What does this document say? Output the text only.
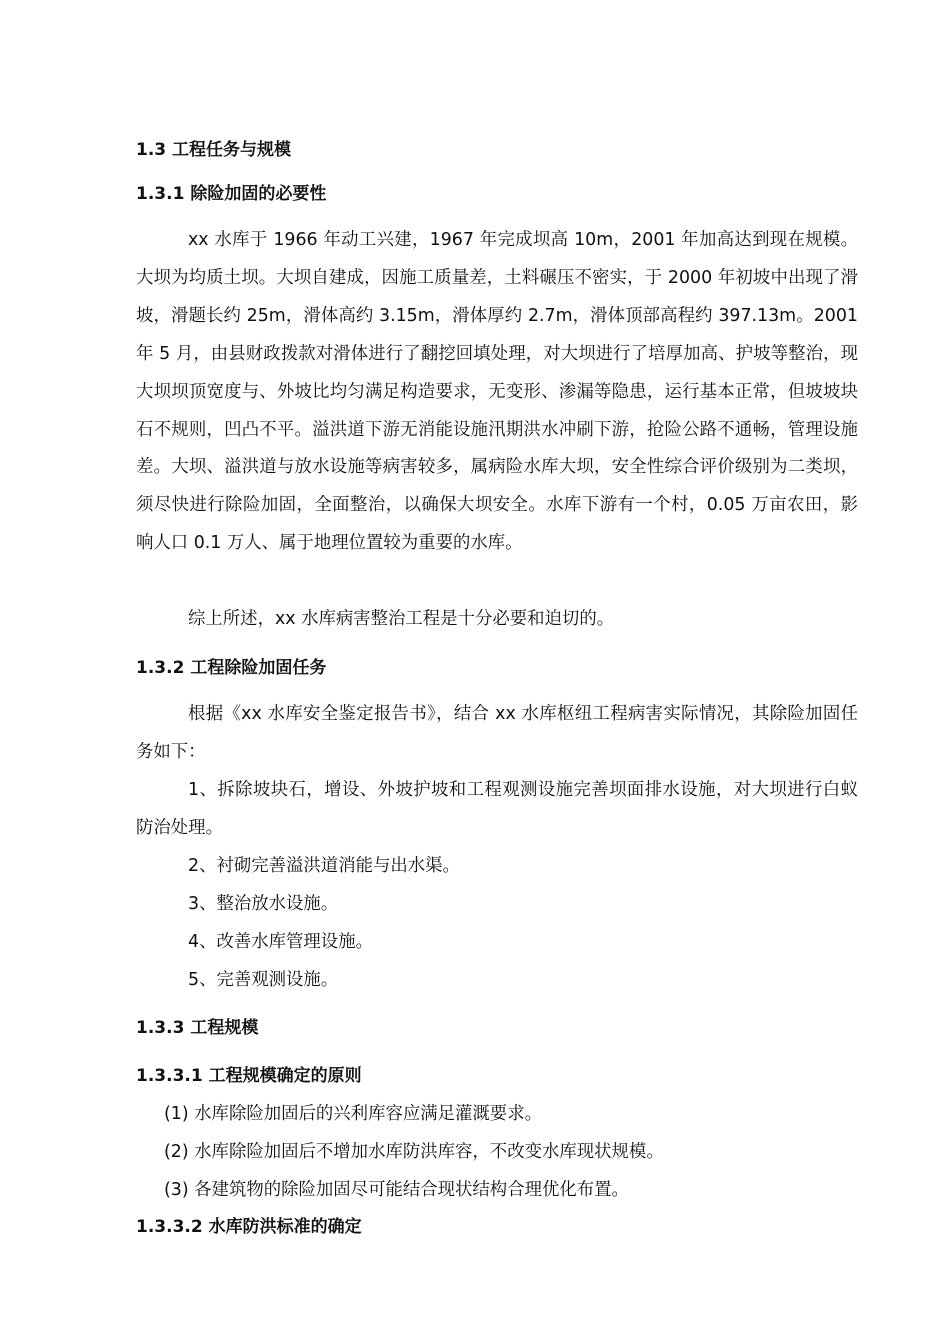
1.3 工程任务与规模
1.3.1 除险加固的必要性
xx 水库于 1966 年动工兴建，1967 年完成坝高 10m，2001 年加高达到现在规模。大坝为均质土坝。大坝自建成，因施工质量差，土料碾压不密实，于 2000 年初坡中出现了滑坡，滑题长约 25m，滑体高约 3.15m，滑体厚约 2.7m，滑体顶部高程约 397.13m。2001 年 5 月，由县财政拨款对滑体进行了翻挖回填处理，对大坝进行了培厚加高、护坡等整治，现大坝坝顶宽度与、外坡比均匀满足构造要求，无变形、渗漏等隐患，运行基本正常，但坡坡块石不规则，凹凸不平。溢洪道下游无消能设施汛期洪水冲刷下游，抢险公路不通畅，管理设施差。大坝、溢洪道与放水设施等病害较多，属病险水库大坝，安全性综合评价级别为二类坝，须尽快进行除险加固，全面整治，以确保大坝安全。水库下游有一个村，0.05 万亩农田，影响人口 0.1 万人、属于地理位置较为重要的水库。
综上所述，xx 水库病害整治工程是十分必要和迫切的。
1.3.2 工程除险加固任务
根据《xx 水库安全鉴定报告书》，结合 xx 水库枢纽工程病害实际情况，其除险加固任务如下：
1、拆除坡块石，增设、外坡护坡和工程观测设施完善坝面排水设施，对大坝进行白蚁防治处理。
2、衬砌完善溢洪道消能与出水渠。
3、整治放水设施。
4、改善水库管理设施。
5、完善观测设施。
1.3.3 工程规模
1.3.3.1 工程规模确定的原则
(1) 水库除险加固后的兴利库容应满足灌溉要求。
(2) 水库除险加固后不增加水库防洪库容，不改变水库现状规模。
(3) 各建筑物的除险加固尽可能结合现状结构合理优化布置。
1.3.3.2 水库防洪标准的确定
